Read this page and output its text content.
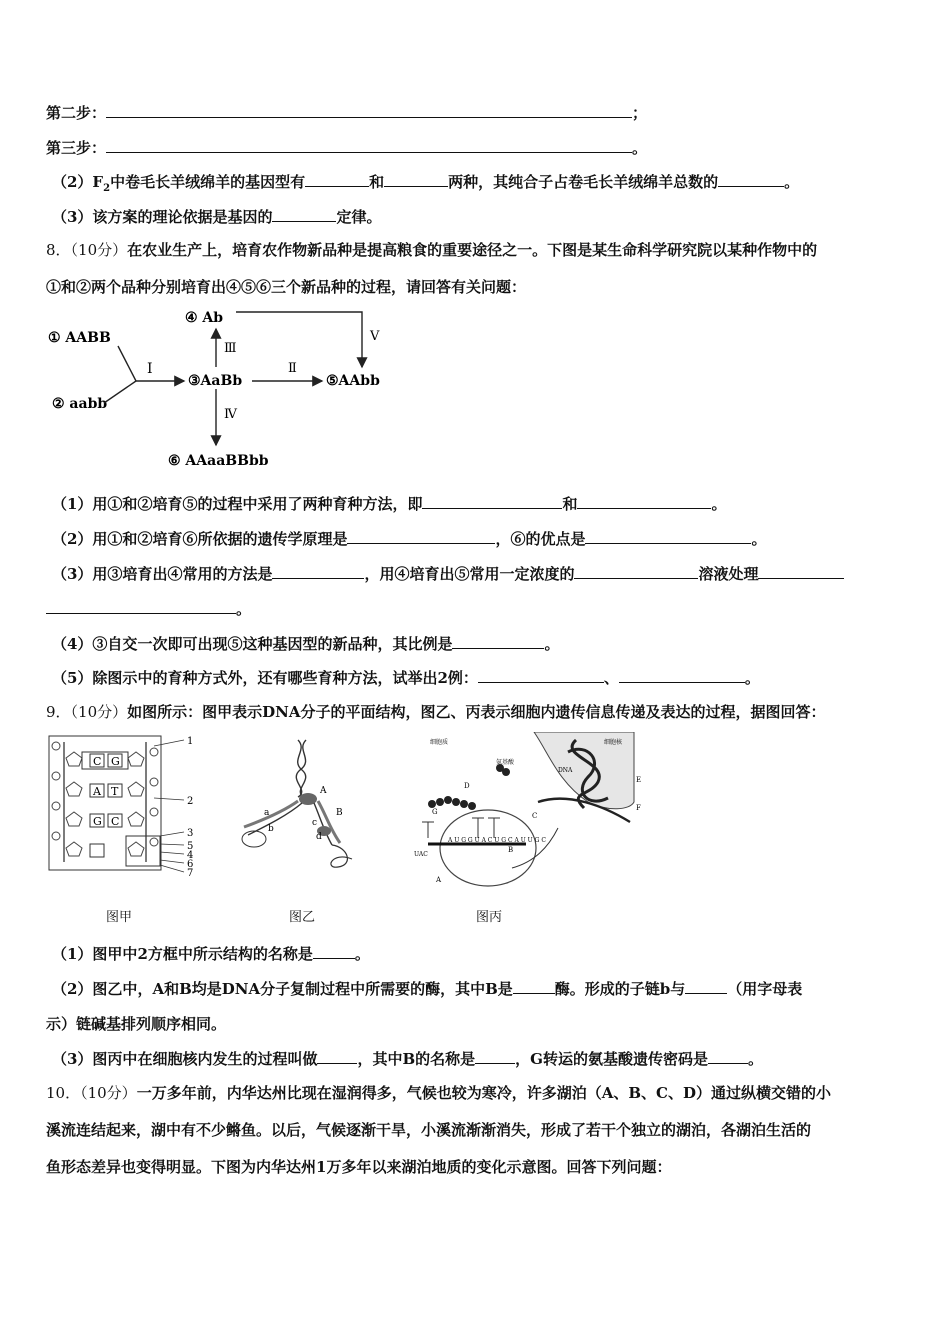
第二步：	；
第三步：	。
$(2)F_2$中卷毛长羊绒绵羊的基因型有	和	两种，其纯合子占卷毛长羊绒绵羊总数的	。
（3）该方案的理论依据是基因的	定律。
8．（10分）在农业生产上，培育农作物新品种是提高粮食的重要途径之一。下图是某生命科学研究院以某种作物中的
①和②两个品种分别培育出④⑤⑥三个新品种的过程，请回答有关问题：
① AABB
② aabb
③AaBb
④ Ab
⑤AAbb
⑥ AAaaBBbb
Ⅰ
Ⅲ
Ⅱ
Ⅴ
Ⅳ
（1）用①和②培育⑤的过程中采用了两种育种方法，即	和	。
（2）用①和②培育⑥所依据的遗传学原理是	，⑥的优点是	。
（3）用③培育出④常用的方法是	，用④培育出⑤常用一定浓度的	溶液处理
。
（4）③自交一次即可出现⑤这种基因型的新品种，其比例是	。
（5）除图示中的育种方式外，还有哪些育种方法，试举出2例：	、	。
9．（10分）如图所示：图甲表示DNA分子的平面结构，图乙、丙表示细胞内遗传信息传递及表达的过程，据图回答：
C G
A T
G C
1
2
3
5
4
6
7
图甲
A
B
a
b
c
d
图乙
细胞质
氨基酸
细胞核
DNA
UAC
A U G G U A C U G C A U U G C
D
G
A
C
E
F
B
图丙
（1）图甲中2方框中所示结构的名称是	。
（2）图乙中，A和B均是DNA分子复制过程中所需要的酶，其中B是	酶。形成的子链b与	（用字母表
示）链碱基排列顺序相同。
（3）图丙中在细胞核内发生的过程叫做	，其中B的名称是	，G转运的氨基酸遗传密码是	。
10．（10分）一万多年前，内华达州比现在湿润得多，气候也较为寒冷，许多湖泊（A、B、C、D）通过纵横交错的小
溪流连结起来，湖中有不少鳉鱼。以后，气候逐渐干旱，小溪流渐渐消失，形成了若干个独立的湖泊，各湖泊生活的
鱼形态差异也变得明显。下图为内华达州1万多年以来湖泊地质的变化示意图。回答下列问题：
